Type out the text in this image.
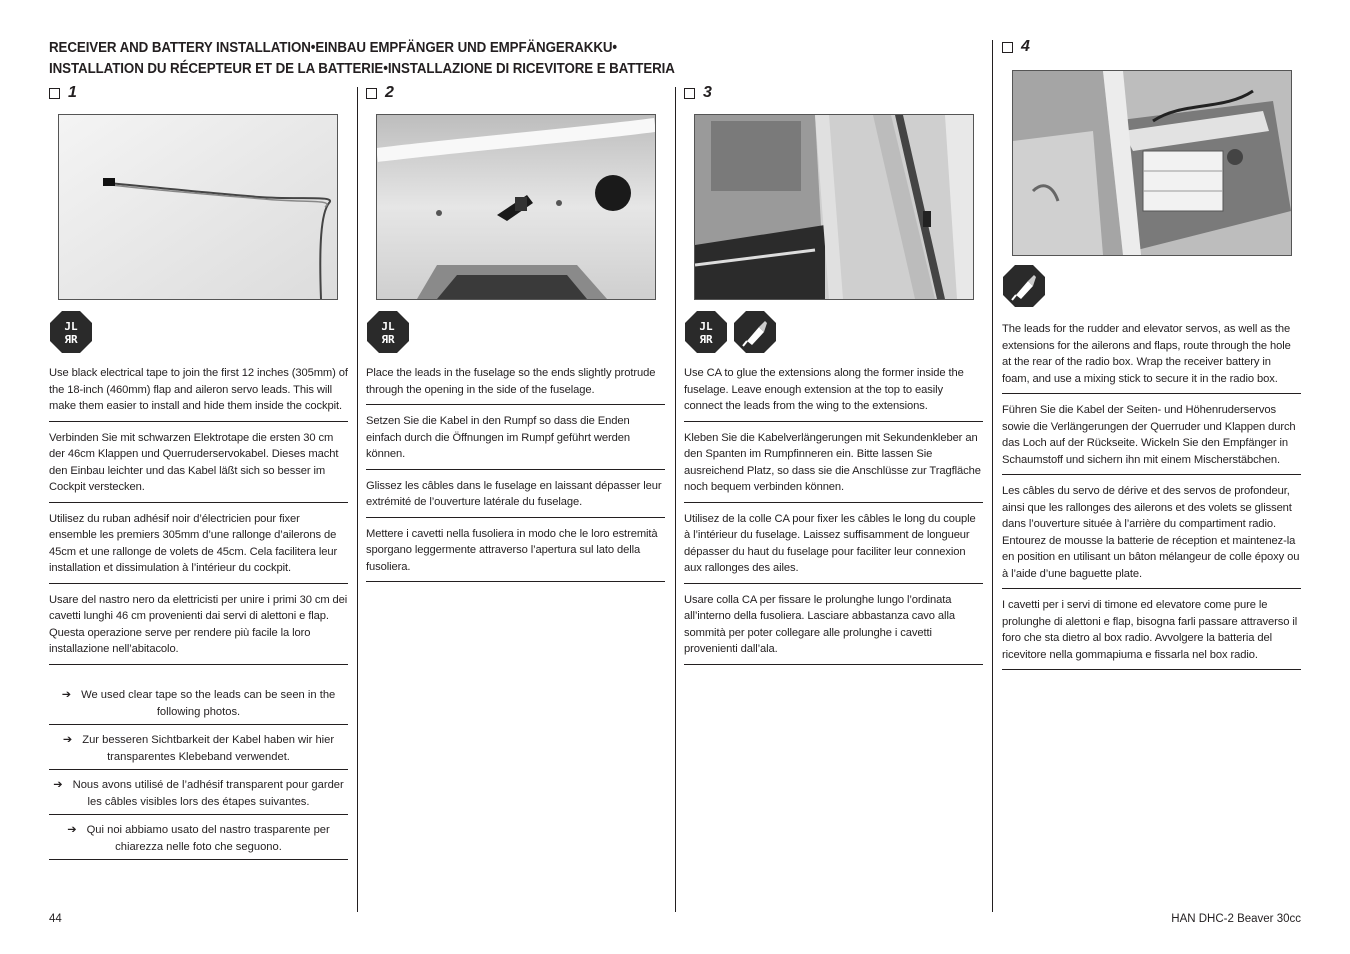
RECEIVER AND BATTERY INSTALLATION•EINBAU EMPFÄNGER UND EMPFÄNGERAKKU•
INSTALLATION DU RÉCEPTEUR ET DE LA BATTERIE•INSTALLAZIONE DI RICEVITORE E BATTERIA
1
JL
ЯR
Use black electrical tape to join the first 12 inches (305mm) of the 18-inch (460mm) flap and aileron servo leads. This will make them easier to install and hide them inside the cockpit.
Verbinden Sie mit schwarzen Elektrotape die ersten 30 cm der 46cm Klappen und Querruderservokabel. Dieses macht den Einbau leichter und das Kabel läßt sich so besser im Cockpit verstecken.
Utilisez du ruban adhésif noir d’électricien pour fixer ensemble les premiers 305mm d’une rallonge d’ailerons de 45cm et une rallonge de volets de 45cm. Cela facilitera leur installation et dissimulation à l’intérieur du cockpit.
Usare del nastro nero da elettricisti per unire i primi 30 cm dei cavetti lunghi 46 cm provenienti dai servi di alettoni e flap. Questa operazione serve per rendere più facile la loro installazione nell’abitacolo.
➔ We used clear tape so the leads can be seen in the following photos.
➔ Zur besseren Sichtbarkeit der Kabel haben wir hier transparentes Klebeband verwendet.
➔ Nous avons utilisé de l’adhésif transparent pour garder les câbles visibles lors des étapes suivantes.
➔ Qui noi abbiamo usato del nastro trasparente per chiarezza nelle foto che seguono.
2
JL
ЯR
Place the leads in the fuselage so the ends slightly protrude through the opening in the side of the fuselage.
Setzen Sie die Kabel in den Rumpf so dass die Enden einfach durch die Öffnungen im Rumpf geführt werden können.
Glissez les câbles dans le fuselage en laissant dépasser leur extrémité de l’ouverture latérale du fuselage.
Mettere i cavetti nella fusoliera in modo che le loro estremità sporgano leggermente attraverso l’apertura sul lato della fusoliera.
3
JL
ЯR
Use CA to glue the extensions along the former inside the fuselage. Leave enough extension at the top to easily connect the leads from the wing to the extensions.
Kleben Sie die Kabelverlängerungen mit Sekundenkleber an den Spanten im Rumpfinneren ein. Bitte lassen Sie ausreichend Platz, so dass sie die Anschlüsse zur Tragfläche noch bequem verbinden können.
Utilisez de la colle CA pour fixer les câbles le long du couple à l’intérieur du fuselage. Laissez suffisamment de longueur dépasser du haut du fuselage pour faciliter leur connexion aux rallonges des ailes.
Usare colla CA per fissare le prolunghe lungo l’ordinata all’interno della fusoliera. Lasciare abbastanza cavo alla sommità per poter collegare alle prolunghe i cavetti provenienti dall’ala.
4
The leads for the rudder and elevator servos, as well as the extensions for the ailerons and flaps, route through the hole at the rear of the radio box. Wrap the receiver battery in foam, and use a mixing stick to secure it in the radio box.
Führen Sie die Kabel der Seiten- und Höhenruderservos sowie die Verlängerungen der Querruder und Klappen durch das Loch auf der Rückseite. Wickeln Sie den Empfänger in Schaumstoff und sichern ihn mit einem Mischerstäbchen.
Les câbles du servo de dérive et des servos de profondeur, ainsi que les rallonges des ailerons et des volets se glissent dans l’ouverture située à l’arrière du compartiment radio. Entourez de mousse la batterie de réception et maintenez-la en position en utilisant un bâton mélangeur de colle époxy ou à l’aide d’une baguette plate.
I cavetti per i servi di timone ed elevatore come pure le prolunghe di alettoni e flap, bisogna farli passare attraverso il foro che sta dietro al box radio. Avvolgere la batteria del ricevitore nella gommapiuma e fissarla nel box radio.
44	HAN DHC-2 Beaver 30cc
